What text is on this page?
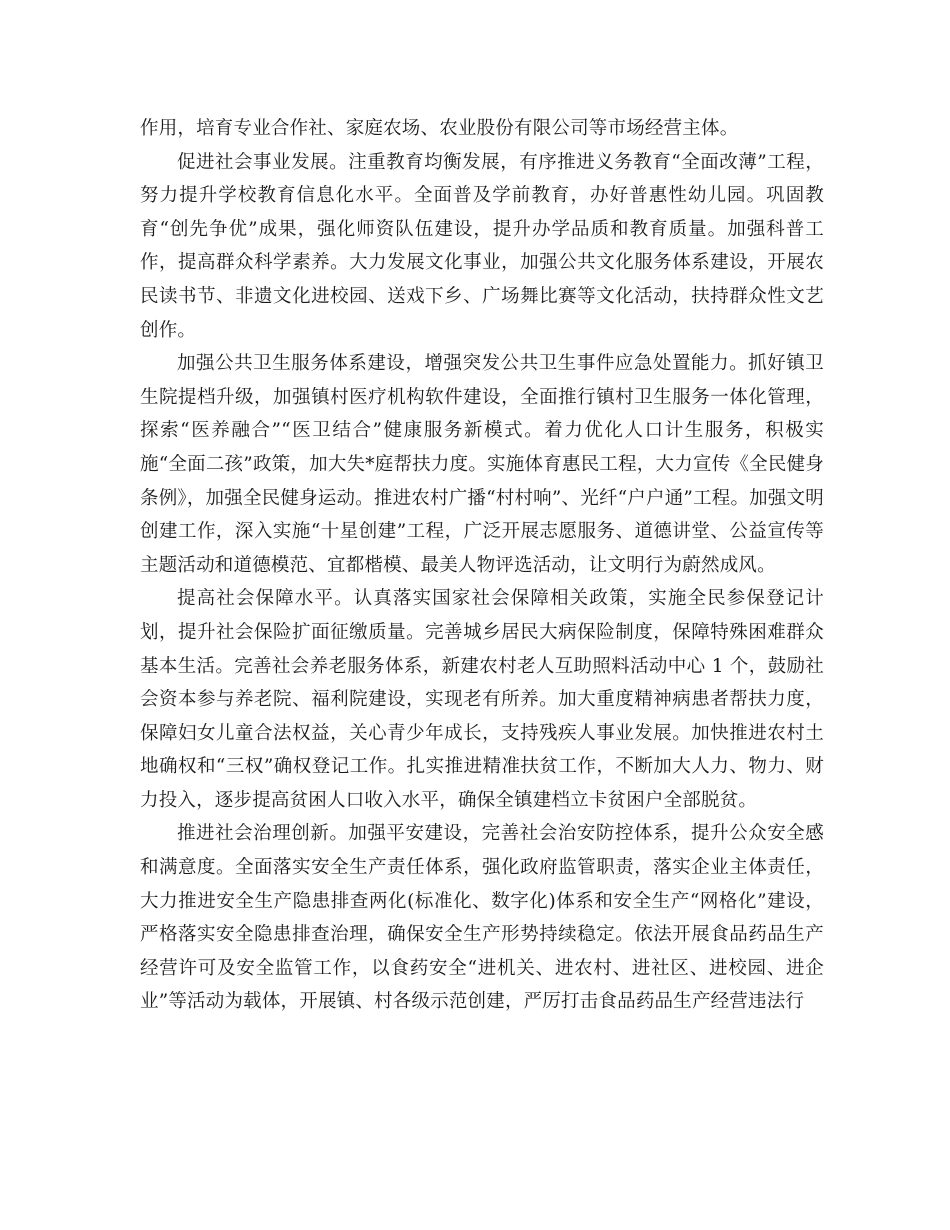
作用，培育专业合作社、家庭农场、农业股份有限公司等市场经营主体。

促进社会事业发展。注重教育均衡发展，有序推进义务教育“全面改薄”工程，努力提升学校教育信息化水平。全面普及学前教育，办好普惠性幼儿园。巩固教育“创先争优”成果，强化师资队伍建设，提升办学品质和教育质量。加强科普工作，提高群众科学素养。大力发展文化事业，加强公共文化服务体系建设，开展农民读书节、非遗文化进校园、送戏下乡、广场舞比赛等文化活动，扶持群众性文艺创作。

加强公共卫生服务体系建设，增强突发公共卫生事件应急处置能力。抓好镇卫生院提档升级，加强镇村医疗机构软件建设，全面推行镇村卫生服务一体化管理，探索“医养融合”“医卫结合”健康服务新模式。着力优化人口计生服务，积极实施“全面二孩”政策，加大失*庭帮扶力度。实施体育惠民工程，大力宣传《全民健身条例》，加强全民健身运动。推进农村广播“村村响”、光纤“户户通”工程。加强文明创建工作，深入实施“十星创建”工程，广泛开展志愿服务、道德讲堂、公益宣传等主题活动和道德模范、宜都楷模、最美人物评选活动，让文明行为蔚然成风。

提高社会保障水平。认真落实国家社会保障相关政策，实施全民参保登记计划，提升社会保险扩面征缴质量。完善城乡居民大病保险制度，保障特殊困难群众基本生活。完善社会养老服务体系，新建农村老人互助照料活动中心 1 个，鼓励社会资本参与养老院、福利院建设，实现老有所养。加大重度精神病患者帮扶力度，保障妇女儿童合法权益，关心青少年成长，支持残疾人事业发展。加快推进农村土地确权和“三权”确权登记工作。扎实推进精准扶贫工作，不断加大人力、物力、财力投入，逐步提高贫困人口收入水平，确保全镇建档立卡贫困户全部脱贫。

推进社会治理创新。加强平安建设，完善社会治安防控体系，提升公众安全感和满意度。全面落实安全生产责任体系，强化政府监管职责，落实企业主体责任，大力推进安全生产隐患排查两化(标准化、数字化)体系和安全生产“网格化”建设，严格落实安全隐患排查治理，确保安全生产形势持续稳定。依法开展食品药品生产经营许可及安全监管工作，以食药安全“进机关、进农村、进社区、进校园、进企业”等活动为载体，开展镇、村各级示范创建，严厉打击食品药品生产经营违法行
